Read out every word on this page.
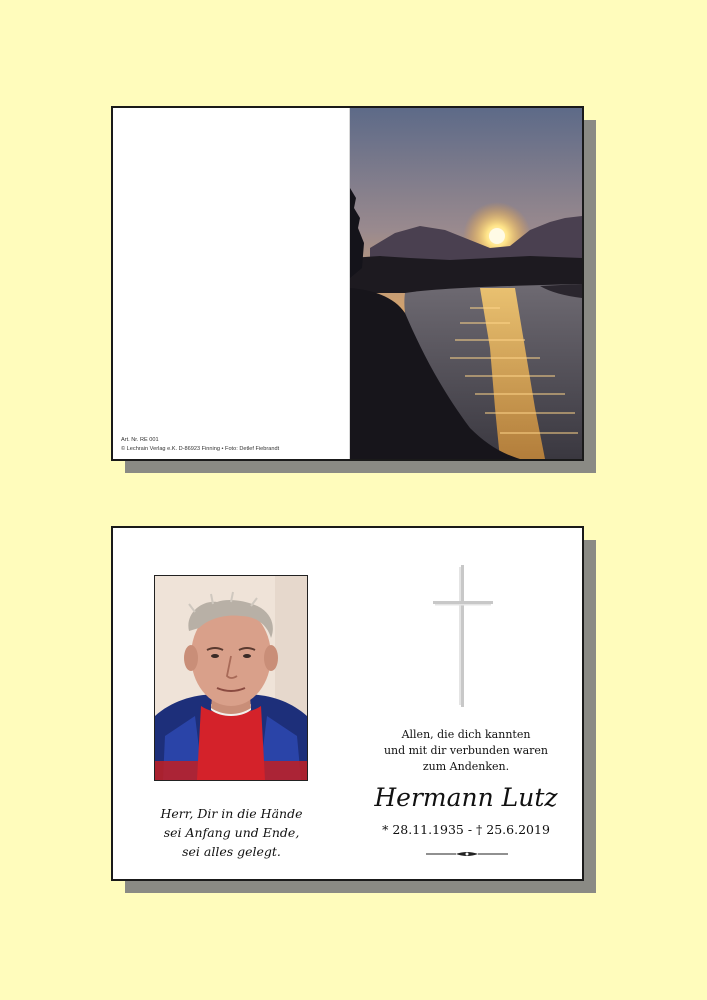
Art. Nr. RE 001
© Lechrain Verlag e.K. D-86923 Finning • Foto: Detlef Fiebrandt
Herr, Dir in die Hände
sei Anfang und Ende,
sei alles gelegt.
Allen, die dich kannten
und mit dir verbunden waren
zum Andenken.
Hermann Lutz
* 28.11.1935 - † 25.6.2019
